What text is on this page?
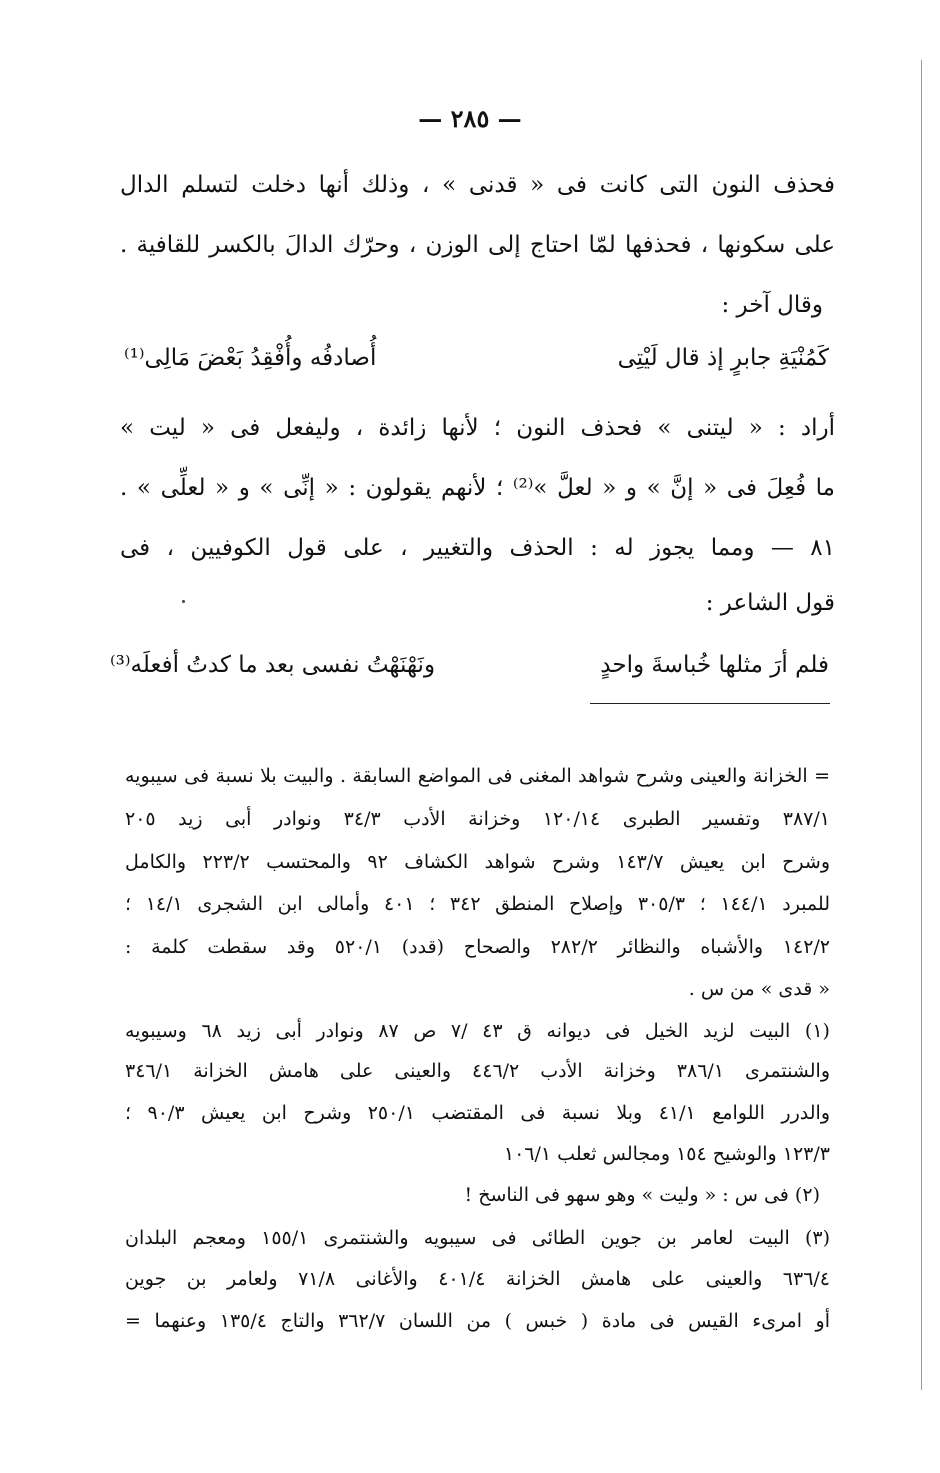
— ٢٨٥ —
فحذف النون التى كانت فى « قدنى » ، وذلك أنها دخلت لتسلم الدال
على سكونها ، فحذفها لمّا احتاج إلى الوزن ، وحرّك الدالَ بالكسر للقافية .
وقال آخر :
كَمُنْيَةِ جابرٍ إذ قال لَيْتِى
أُصادفُه وأُفْقِدُ بَعْضَ مَالِى⁽¹⁾
أراد : « ليتنى » فحذف النون ؛ لأنها زائدة ، وليفعل فى « ليت »
ما فُعِلَ فى « إنَّ » و « لعلَّ »⁽²⁾ ؛ لأنهم يقولون : « إنِّى » و « لعلِّى » .
٨١ — ومما يجوز له : الحذف والتغيير ، على قول الكوفيين ، فى
قول الشاعر :
فلم أرَ مثلها خُباسةَ واحدٍ
ونَهْنَهْتُ نفسى بعد ما كدتُ أفعلَه⁽³⁾
= الخزانة والعينى وشرح شواهد المغنى فى المواضع السابقة . والبيت بلا نسبة فى سيبويه
٣٨٧/١ وتفسير الطبرى ١٢٠/١٤ وخزانة الأدب ٣٤/٣ ونوادر أبى زيد ٢٠٥
وشرح ابن يعيش ١٤٣/٧ وشرح شواهد الكشاف ٩٢ والمحتسب ٢٢٣/٢ والكامل
للمبرد ١٤٤/١ ؛ ٣٠٥/٣ وإصلاح المنطق ٣٤٢ ؛ ٤٠١ وأمالى ابن الشجرى ١٤/١ ؛
١٤٢/٢ والأشباه والنظائر ٢٨٢/٢ والصحاح (قدد) ٥٢٠/١ وقد سقطت كلمة :
« قدى » من س .
(١) البيت لزيد الخيل فى ديوانه ق ٤٣ /٧ ص ٨٧ ونوادر أبى زيد ٦٨ وسيبويه
والشنتمرى ٣٨٦/١ وخزانة الأدب ٤٤٦/٢ والعينى على هامش الخزانة ٣٤٦/١
والدرر اللوامع ٤١/١ وبلا نسبة فى المقتضب ٢٥٠/١ وشرح ابن يعيش ٩٠/٣ ؛
١٢٣/٣ والوشيح ١٥٤ ومجالس ثعلب ١٠٦/١
(٢) فى س : « وليت » وهو سهو فى الناسخ !
(٣) البيت لعامر بن جوين الطائى فى سيبويه والشنتمرى ١٥٥/١ ومعجم البلدان
٦٣٦/٤ والعينى على هامش الخزانة ٤٠١/٤ والأغانى ٧١/٨ ولعامر بن جوين
أو امرىء القيس فى مادة ( خبس ) من اللسان ٣٦٢/٧ والتاج ١٣٥/٤ وعنهما =
